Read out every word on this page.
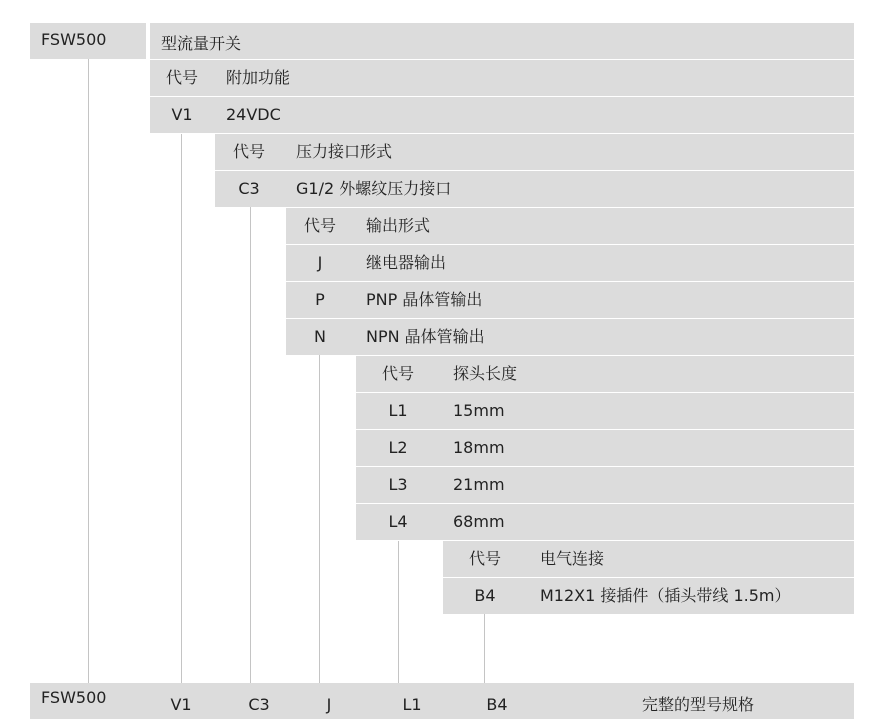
FSW500	型流量开关
代号	附加功能
V1	24VDC
代号	压力接口形式
C3	G1/2 外螺纹压力接口
代号	输出形式
J	继电器输出
P	PNP 晶体管输出
N	NPN 晶体管输出
代号	探头长度
L1	15mm
L2	18mm
L3	21mm
L4	68mm
代号	电气连接
B4	M12X1 接插件（插头带线 1.5m）
FSW500	V1	C3	J	L1	B4	完整的型号规格
